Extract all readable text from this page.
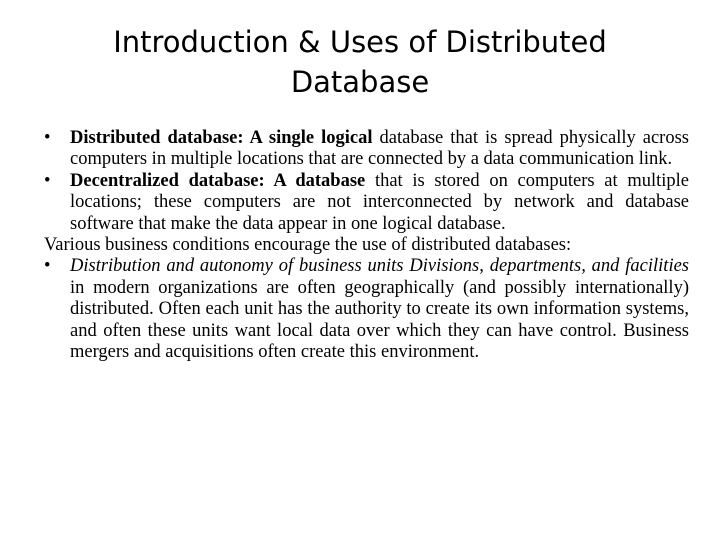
Introduction & Uses of Distributed Database

•	Distributed database: A single logical database that is spread physically across computers in multiple locations that are connected by a data communication link.

•	Decentralized database: A database that is stored on computers at multiple locations; these computers are not interconnected by network and database software that make the data appear in one logical database.

Various business conditions encourage the use of distributed databases:

•	Distribution and autonomy of business units Divisions, departments, and facilities in modern organizations are often geographically (and possibly internationally) distributed. Often each unit has the authority to create its own information systems, and often these units want local data over which they can have control. Business mergers and acquisitions often create this environment.
